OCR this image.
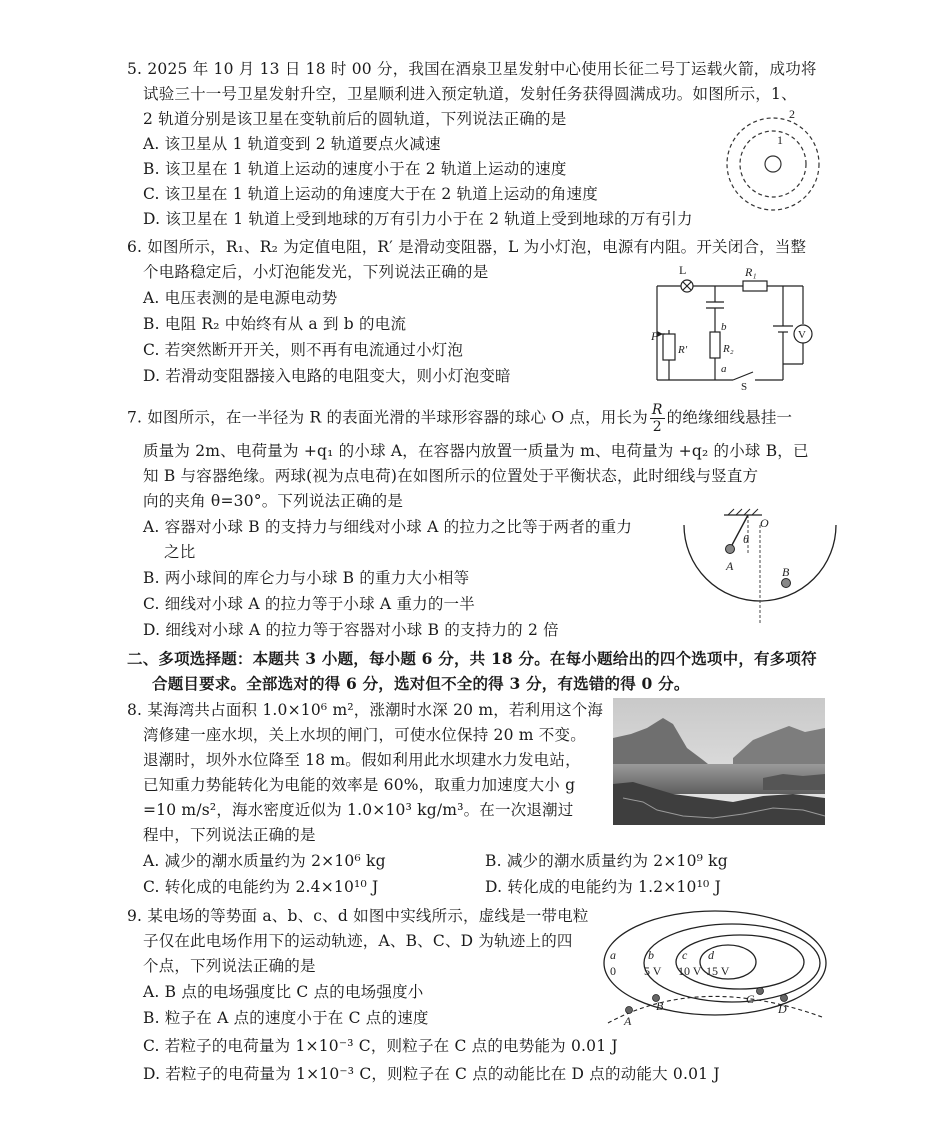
5. 2025 年 10 月 13 日 18 时 00 分，我国在酒泉卫星发射中心使用长征二号丁运载火箭，成功将
试验三十一号卫星发射升空，卫星顺利进入预定轨道，发射任务获得圆满成功。如图所示，1、
2 轨道分别是该卫星在变轨前后的圆轨道，下列说法正确的是
A. 该卫星从 1 轨道变到 2 轨道要点火减速
B. 该卫星在 1 轨道上运动的速度小于在 2 轨道上运动的速度
C. 该卫星在 1 轨道上运动的角速度大于在 2 轨道上运动的角速度
D. 该卫星在 1 轨道上受到地球的万有引力小于在 2 轨道上受到地球的万有引力
2
1
6. 如图所示，R₁、R₂ 为定值电阻，R′ 是滑动变阻器，L 为小灯泡，电源有内阻。开关闭合，当整
个电路稳定后，小灯泡能发光，下列说法正确的是
A. 电压表测的是电源电动势
B. 电阻 R₂ 中始终有从 a 到 b 的电流
C. 若突然断开开关，则不再有电流通过小灯泡
D. 若滑动变阻器接入电路的电阻变大，则小灯泡变暗
L	R₁
P
R′
b
R₂
a
S
V
7. 如图所示，在一半径为 R 的表面光滑的半球形容器的球心 O 点，用长为 $\frac{R}{2}$ 的绝缘细线悬挂一
质量为 2m、电荷量为 +q₁ 的小球 A，在容器内放置一质量为 m、电荷量为 +q₂ 的小球 B，已
知 B 与容器绝缘。两球(视为点电荷)在如图所示的位置处于平衡状态，此时细线与竖直方
向的夹角 θ=30°。下列说法正确的是
A. 容器对小球 B 的支持力与细线对小球 A 的拉力之比等于两者的重力
之比
B. 两小球间的库仑力与小球 B 的重力大小相等
C. 细线对小球 A 的拉力等于小球 A 重力的一半
D. 细线对小球 A 的拉力等于容器对小球 B 的支持力的 2 倍
O
θ
A	B
二、多项选择题：本题共 3 小题，每小题 6 分，共 18 分。在每小题给出的四个选项中，有多项符
合题目要求。全部选对的得 6 分，选对但不全的得 3 分，有选错的得 0 分。
8. 某海湾共占面积 1.0×10⁶ m²，涨潮时水深 20 m，若利用这个海
湾修建一座水坝，关上水坝的闸门，可使水位保持 20 m 不变。
退潮时，坝外水位降至 18 m。假如利用此水坝建水力发电站，
已知重力势能转化为电能的效率是 60%，取重力加速度大小 g
=10 m/s²，海水密度近似为 1.0×10³ kg/m³。在一次退潮过
程中，下列说法正确的是
A. 减少的潮水质量约为 2×10⁶ kg	B. 减少的潮水质量约为 2×10⁹ kg
C. 转化成的电能约为 2.4×10¹⁰ J	D. 转化成的电能约为 1.2×10¹⁰ J
9. 某电场的等势面 a、b、c、d 如图中实线所示，虚线是一带电粒
子仅在此电场作用下的运动轨迹，A、B、C、D 为轨迹上的四
个点，下列说法正确的是
A. B 点的电场强度比 C 点的电场强度小
B. 粒子在 A 点的速度小于在 C 点的速度
C. 若粒子的电荷量为 1×10⁻³ C，则粒子在 C 点的电势能为 0.01 J
D. 若粒子的电荷量为 1×10⁻³ C，则粒子在 C 点的动能比在 D 点的动能大 0.01 J
a
0
b
5 V
c
10 V
d
15 V
A
B	C
D
